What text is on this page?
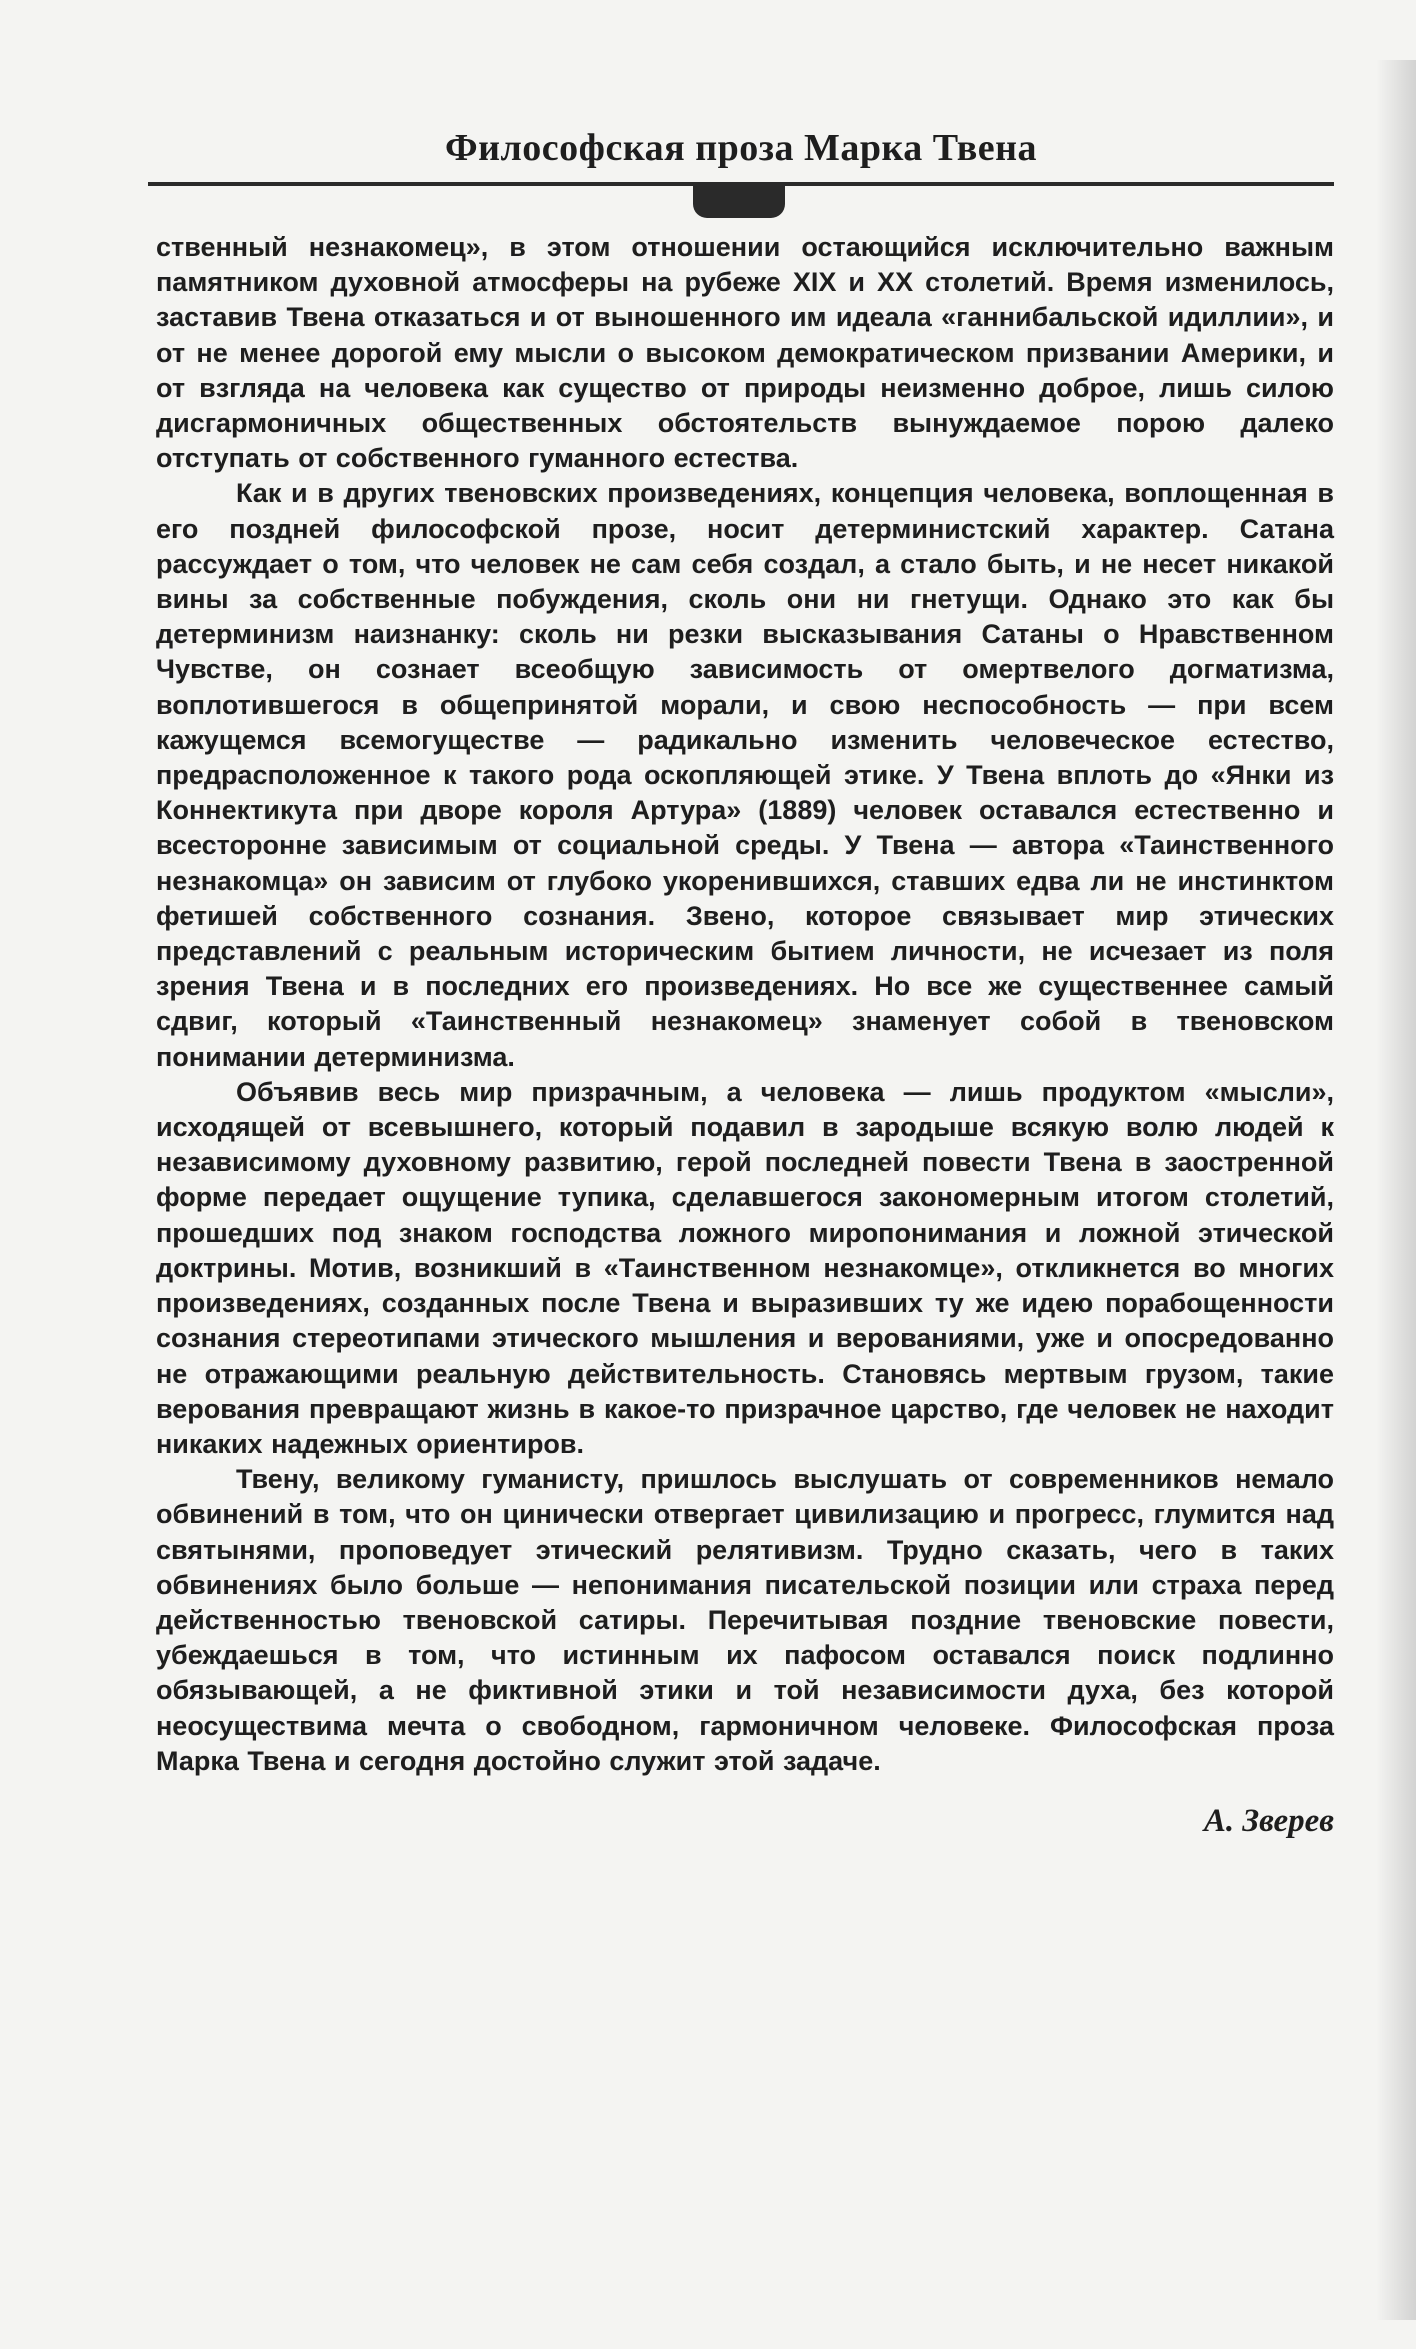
Философская проза Марка Твена

ственный незнакомец», в этом отношении остающийся исключительно важным памятником духовной атмосферы на рубеже XIX и XX столетий. Время изменилось, заставив Твена отказаться и от выношенного им идеала «ганнибальской идиллии», и от не менее дорогой ему мысли о высоком демократическом призвании Америки, и от взгляда на человека как существо от природы неизменно доброе, лишь силою дисгармоничных общественных обстоятельств вынуждаемое порою далеко отступать от собственного гуманного естества.

Как и в других твеновских произведениях, концепция человека, воплощенная в его поздней философской прозе, носит детерминистский характер. Сатана рассуждает о том, что человек не сам себя создал, а стало быть, и не несет никакой вины за собственные побуждения, сколь они ни гнетущи. Однако это как бы детерминизм наизнанку: сколь ни резки высказывания Сатаны о Нравственном Чувстве, он сознает всеобщую зависимость от омертвелого догматизма, воплотившегося в общепринятой морали, и свою неспособность — при всем кажущемся всемогуществе — радикально изменить человеческое естество, предрасположенное к такого рода оскопляющей этике. У Твена вплоть до «Янки из Коннектикута при дворе короля Артура» (1889) человек оставался естественно и всесторонне зависимым от социальной среды. У Твена — автора «Таинственного незнакомца» он зависим от глубоко укоренившихся, ставших едва ли не инстинктом фетишей собственного сознания. Звено, которое связывает мир этических представлений с реальным историческим бытием личности, не исчезает из поля зрения Твена и в последних его произведениях. Но все же существеннее самый сдвиг, который «Таинственный незнакомец» знаменует собой в твеновском понимании детерминизма.

Объявив весь мир призрачным, а человека — лишь продуктом «мысли», исходящей от всевышнего, который подавил в зародыше всякую волю людей к независимому духовному развитию, герой последней повести Твена в заостренной форме передает ощущение тупика, сделавшегося закономерным итогом столетий, прошедших под знаком господства ложного миропонимания и ложной этической доктрины. Мотив, возникший в «Таинственном незнакомце», откликнется во многих произведениях, созданных после Твена и выразивших ту же идею порабощенности сознания стереотипами этического мышления и верованиями, уже и опосредованно не отражающими реальную действительность. Становясь мертвым грузом, такие верования превращают жизнь в какое-то призрачное царство, где человек не находит никаких надежных ориентиров.

Твену, великому гуманисту, пришлось выслушать от современников немало обвинений в том, что он цинически отвергает цивилизацию и прогресс, глумится над святынями, проповедует этический релятивизм. Трудно сказать, чего в таких обвинениях было больше — непонимания писательской позиции или страха перед действенностью твеновской сатиры. Перечитывая поздние твеновские повести, убеждаешься в том, что истинным их пафосом оставался поиск подлинно обязывающей, а не фиктивной этики и той независимости духа, без которой неосуществима мечта о свободном, гармоничном человеке. Философская проза Марка Твена и сегодня достойно служит этой задаче.

А. Зверев
